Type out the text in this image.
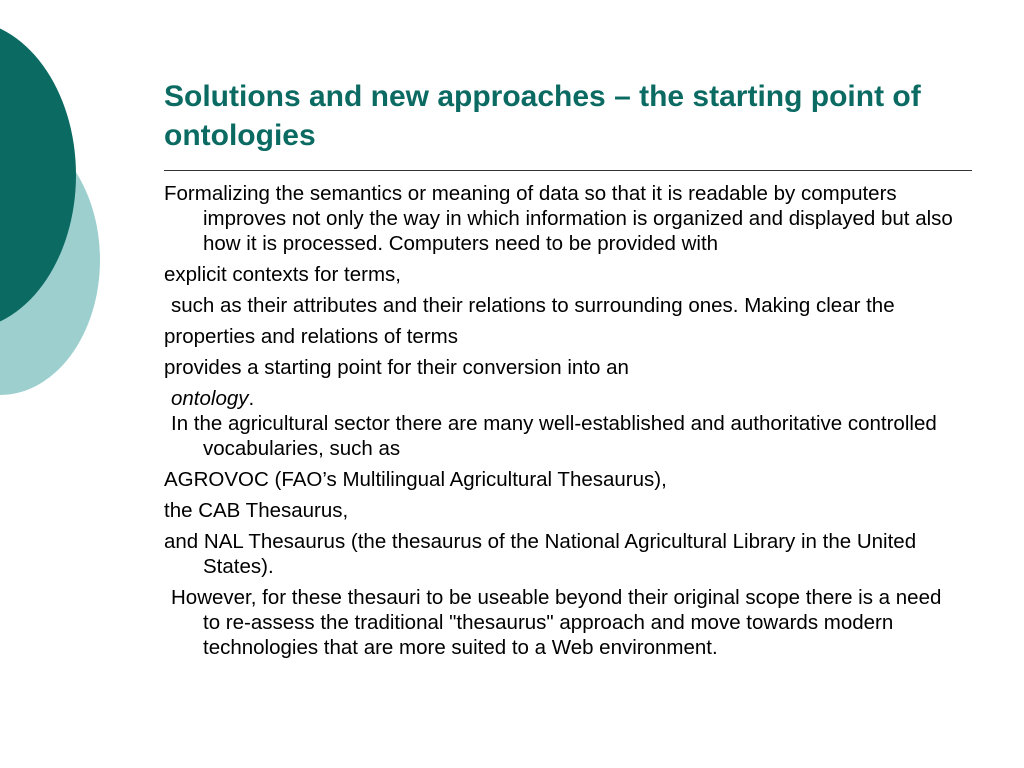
Solutions and new approaches – the starting point of ontologies

Formalizing the semantics or meaning of data so that it is readable by computers improves not only the way in which information is organized and displayed but also how it is processed. Computers need to be provided with

explicit contexts for terms,

such as their attributes and their relations to surrounding ones. Making clear the

properties and relations of terms

provides a starting point for their conversion into an

ontology.
In the agricultural sector there are many well-established and authoritative controlled vocabularies, such as

AGROVOC (FAO’s Multilingual Agricultural Thesaurus),

the CAB Thesaurus,

and NAL Thesaurus (the thesaurus of the National Agricultural Library in the United States).

However, for these thesauri to be useable beyond their original scope there is a need to re-assess the traditional "thesaurus" approach and move towards modern technologies that are more suited to a Web environment.
